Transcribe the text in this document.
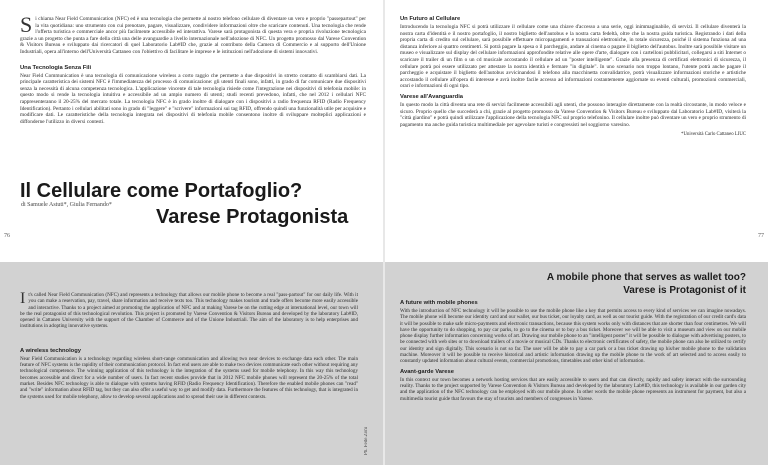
Si chiama Near Field Communication (NFC) ed è una tecnologia che permette al nostro telefono cellulare di diventare un vero e proprio "passepartout" per la vita quotidiana: uno strumento con cui prenotare, pagare, visualizzare, condividere informazioni oltre che scaricare contenuti. Una tecnologia che rende l'offerta turistica e commerciale ancor più facilmente accessibile ed interattiva. Varese sarà protagonista di questa vera e propria rivoluzione tecnologica grazie a un progetto che punta a fare della città una delle avanguardie a livello internazionale nell'adozione di NFC. Un progetto promosso dal Varese Convention & Visitors Bureau e sviluppato dai ricercatori di quel Laboratorio Lab#ID che, grazie al contributo della Camera di Commercio e al supporto dell'Unione Industriali, opera all'interno dell'Università Cattaneo con l'obiettivo di facilitare le imprese e le istituzioni nell'adozione di sistemi innovativi.

Una Tecnologia Senza Fili

Near Field Communication è una tecnologia di comunicazione wireless a corto raggio che permette a due dispositivi in stretto contatto di scambiarsi dati. La principale caratteristica dei sistemi NFC è l'immediatezza del processo di comunicazione: gli utenti finali sono, infatti, in grado di far comunicare due dispositivi senza la necessità di alcuna competenza tecnologica. L'applicazione vincente di tale tecnologia risiede come l'integrazione nei dispositivi di telefonia mobile: in questo modo si rende la tecnologia intuitiva e accessibile ad un ampio numero di utenti; studi recenti prevedono, infatti, che nel 2012 i cellulari NFC rappresenteranno il 20-25% del mercato totale. La tecnologia NFC è in grado inoltre di dialogare con i dispositivi a radio frequenza RFID (Radio Frequency Identification). Pertanto i cellulari abilitati sono in grado di "leggere" e "scrivere" informazioni sui tag RFID, offrendo quindi una funzionalità utile per acquisire e modificare dati. Le caratteristiche della tecnologia integrata nei dispositivi di telefonia mobile consentono inoltre di sviluppare molteplici applicazioni e diffonderne l'utilizzo in diversi contesti.

Un Futuro al Cellulare

Introducendo la tecnologia NFC si potrà utilizzare il cellulare come una chiave d'accesso a una serie, oggi inimmaginabile, di servizi. Il cellulare diventerà la nostra carta d'identità e il nostro portafoglio, il nostro biglietto dell'autobus e la nostra carta fedeltà, oltre che la nostra guida turistica. Registrando i dati della propria carta di credito sul cellulare, sarà possibile effettuare micropagamenti e transazioni elettroniche, in totale sicurezza, poiché il sistema funziona ad una distanza inferiore ai quattro centimetri. Si potrà pagare la spesa o il parcheggio, andare al cinema o pagare il biglietto dell'autobus. Inoltre sarà possibile visitare un museo e visualizzare sul display del cellulare informazioni approfondite relative alle opere d'arte, dialogare con i cartelloni pubblicitari, collegarsi a siti Internet o scaricare il trailer di un film o un cd musicale accostando il cellulare ad un "poster intelligente". Grazie alla presenza di certificati elettronici di sicurezza, il cellulare potrà poi essere utilizzato per attestare la nostra identità e fermare "in digitale". In uno scenario non troppo lontano, l'utente potrà anche pagare il parcheggio e acquistare il biglietto dell'autobus avvicinandosi il telefono alla macchinetta convalidatrice, potrà visualizzare informazioni storiche e artistiche accostando il cellulare all'opera di interesse e avrà inoltre facile accesso ad informazioni costantemente aggiornate su eventi culturali, promozioni commerciali, orari e informazioni di ogni tipo.

Varese all'Avanguardia

In questo modo la città diventa una rete di servizi facilmente accessibili agli utenti, che possono interagire direttamente con la realtà circostante, in modo veloce e sicuro. Proprio quello che succederà a chi, grazie al progetto promosso da Varese Convention & Visitors Bureau e sviluppato dal Laboratorio Lab#ID, visiterà la "città giardino" e potrà quindi utilizzare l'applicazione della tecnologia NFC sul proprio telefonino. Il cellulare inoltre può diventare un vero e proprio strumento di pagamento ma anche guida turistica multimediale per agevolare turisti e congressisti nel soggiorno varesino.

*Università Carlo Cattaneo LIUC
Il Cellulare come Portafoglio?
di Samuele Astuti*, Giulia Fernando*
Varese Protagonista
76	77
A mobile phone that serves as wallet too?
Varese is Protagonist of it

It's called Near Field Communication (NFC) and represents a technology that allows our mobile phone to become a real "pass-partout" for our daily life. With it you can make a reservation, pay, travel, share information and receive texts too. This technology makes tourism and trade offers become more easily accessible and interactive. Thanks to a project aimed at promoting the application of NFC and at making Varese be on the cutting edge at international level, our town will be the real protagonist of this technological revolution. This project is promoted by Varese Convention & Visitors Bureau and developed by the laboratory Lab#ID, opened in Cattaneo University with the support of the Chamber of Commerce and of the Unione Industriali. The aim of the laboratory is to help enterprises and institutions in adopting innovative systems.

A wireless technology

Near Field Communication is a technology regarding wireless short-range communication and allowing two near devices to exchange data each other. The main feature of NFC systems is the rapidity of their communication protocol. In fact end users are able to make two devices communicate each other without requiring any technological competence. The winning application of this technology is the integration of the systems used for mobile telephony. In this way this technology becomes accessible and direct for a wide number of users. In fact recent studies provide that in 2012 NFC mobile phones will represent the 20-25% of the total market. Besides NFC technology is able to dialogue with systems having RFID (Radio Frequency Identification). Therefore the enabled mobile phones can "read" and "write" information about RFID tag, but they can also offer a useful way to get and modify data. Furthermore the features of this technology, that is integrated in the systems used for mobile telephony, allow to develop several applications and to spread their use in different contexts.

Ph. Fede.Zoni
A future with mobile phones

With the introduction of NFC technology it will be possible to use the mobile phone like a key that permits access to every kind of services we can imagine nowadays. The mobile phone will become our identity card and our wallet, our bus ticket, our loyalty card, as well as our tourist guide. With the registration of our credit card's data it will be possible to make safe micro-payments and electronic transactions, because this system works only with distances that are shorter than four centimetres. We will have the opportunity to do shopping, to pay car parks, to go to the cinema or to buy a bus ticket. Moreover we will be able to visit a museum and view on our mobile phone display further information concerning works of art. Drawing our mobile phone to an "intelligent poster" it will be possible to dialogue with advertising posters, to be connected with web sites or to download trailers of a movie or musical CDs. Thanks to electronic certificates of safety, the mobile phone can also be utilized to certify our identity and sign digitally. This scenario is not so far. The user will be able to pay a car park or a bus ticket drawing up his/her mobile phone to the validation machine. Moreover it will be possible to receive historical and artistic information drawing up the mobile phone to the work of art selected and to access easily to constantly updated information about cultural events, commercial promotions, timetables and other kind of information.

Avant-garde Varese

In this context our town becomes a network hosting services that are easily accessible to users and that can directly, rapidly and safety interact with the surrounding reality. Thanks to the project supported by Varese Convention & Visitors Bureau and developed by the laboratory Lab#ID, this technology is available in our garden city and the application of the NFC technology can be employed with our mobile phone. In other words the mobile phone represents an instrument for payment, but also a multimedia tourist guide that favours the stay of tourists and members of congresses in Varese.
